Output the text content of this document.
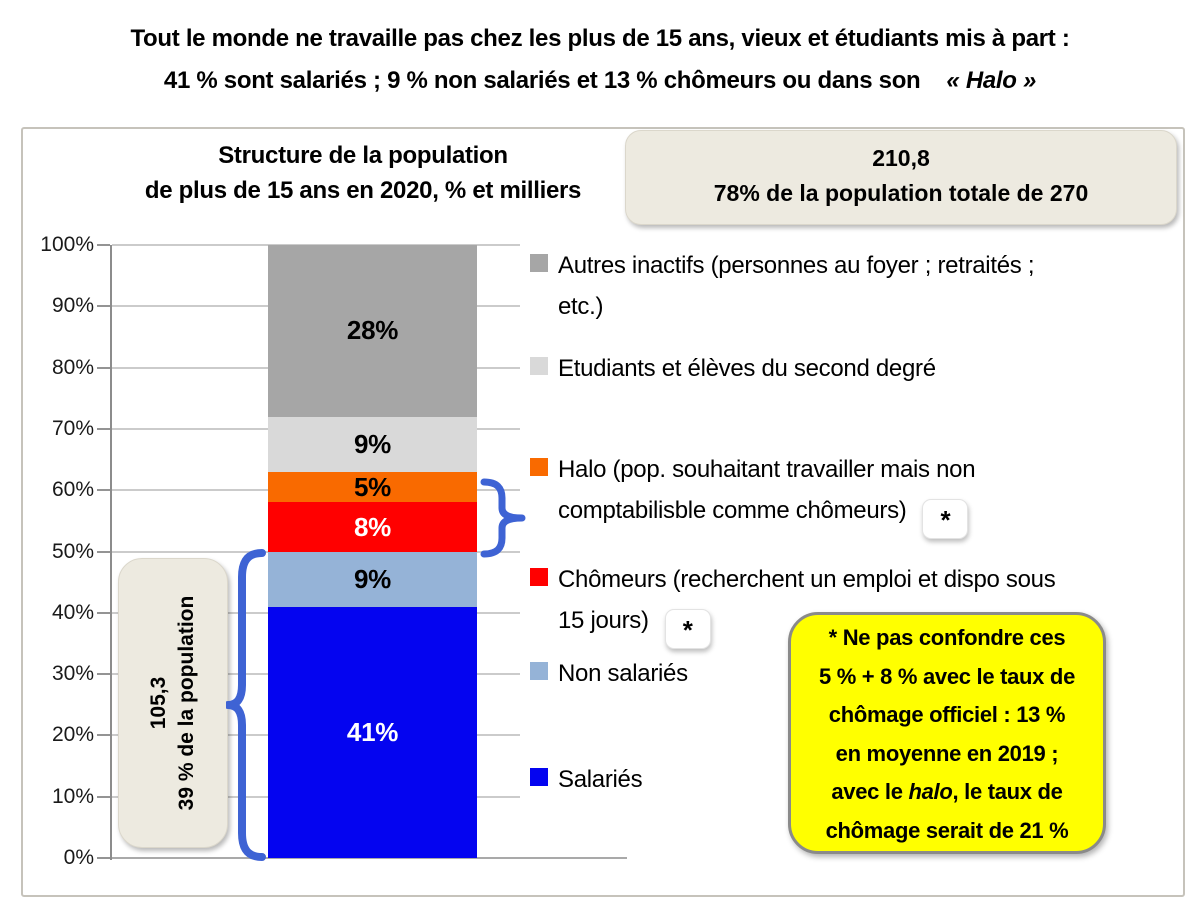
Tout le monde ne travaille pas chez les plus de 15 ans, vieux et étudiants mis à part :
41 % sont salariés ; 9 % non salariés et 13 % chômeurs ou dans son « Halo »
Structure de la population
de plus de 15 ans en 2020, % et milliers
210,8
78% de la population totale de 270
0%
10%
20%
30%
40%
50%
60%
70%
80%
90%
100%
41%
9%
8%
5%
9%
28%
105,3 39 % de la population
Autres inactifs (personnes au foyer ; retraités ;
etc.)
Etudiants et élèves du second degré
Halo (pop. souhaitant travailler mais non
comptabilisble comme chômeurs) *
Chômeurs (recherchent un emploi et dispo sous
15 jours) *
Non salariés
Salariés
* Ne pas confondre ces
5 % + 8 % avec le taux de
chômage officiel : 13 %
en moyenne en 2019 ;
avec le halo, le taux de
chômage serait de 21 %
